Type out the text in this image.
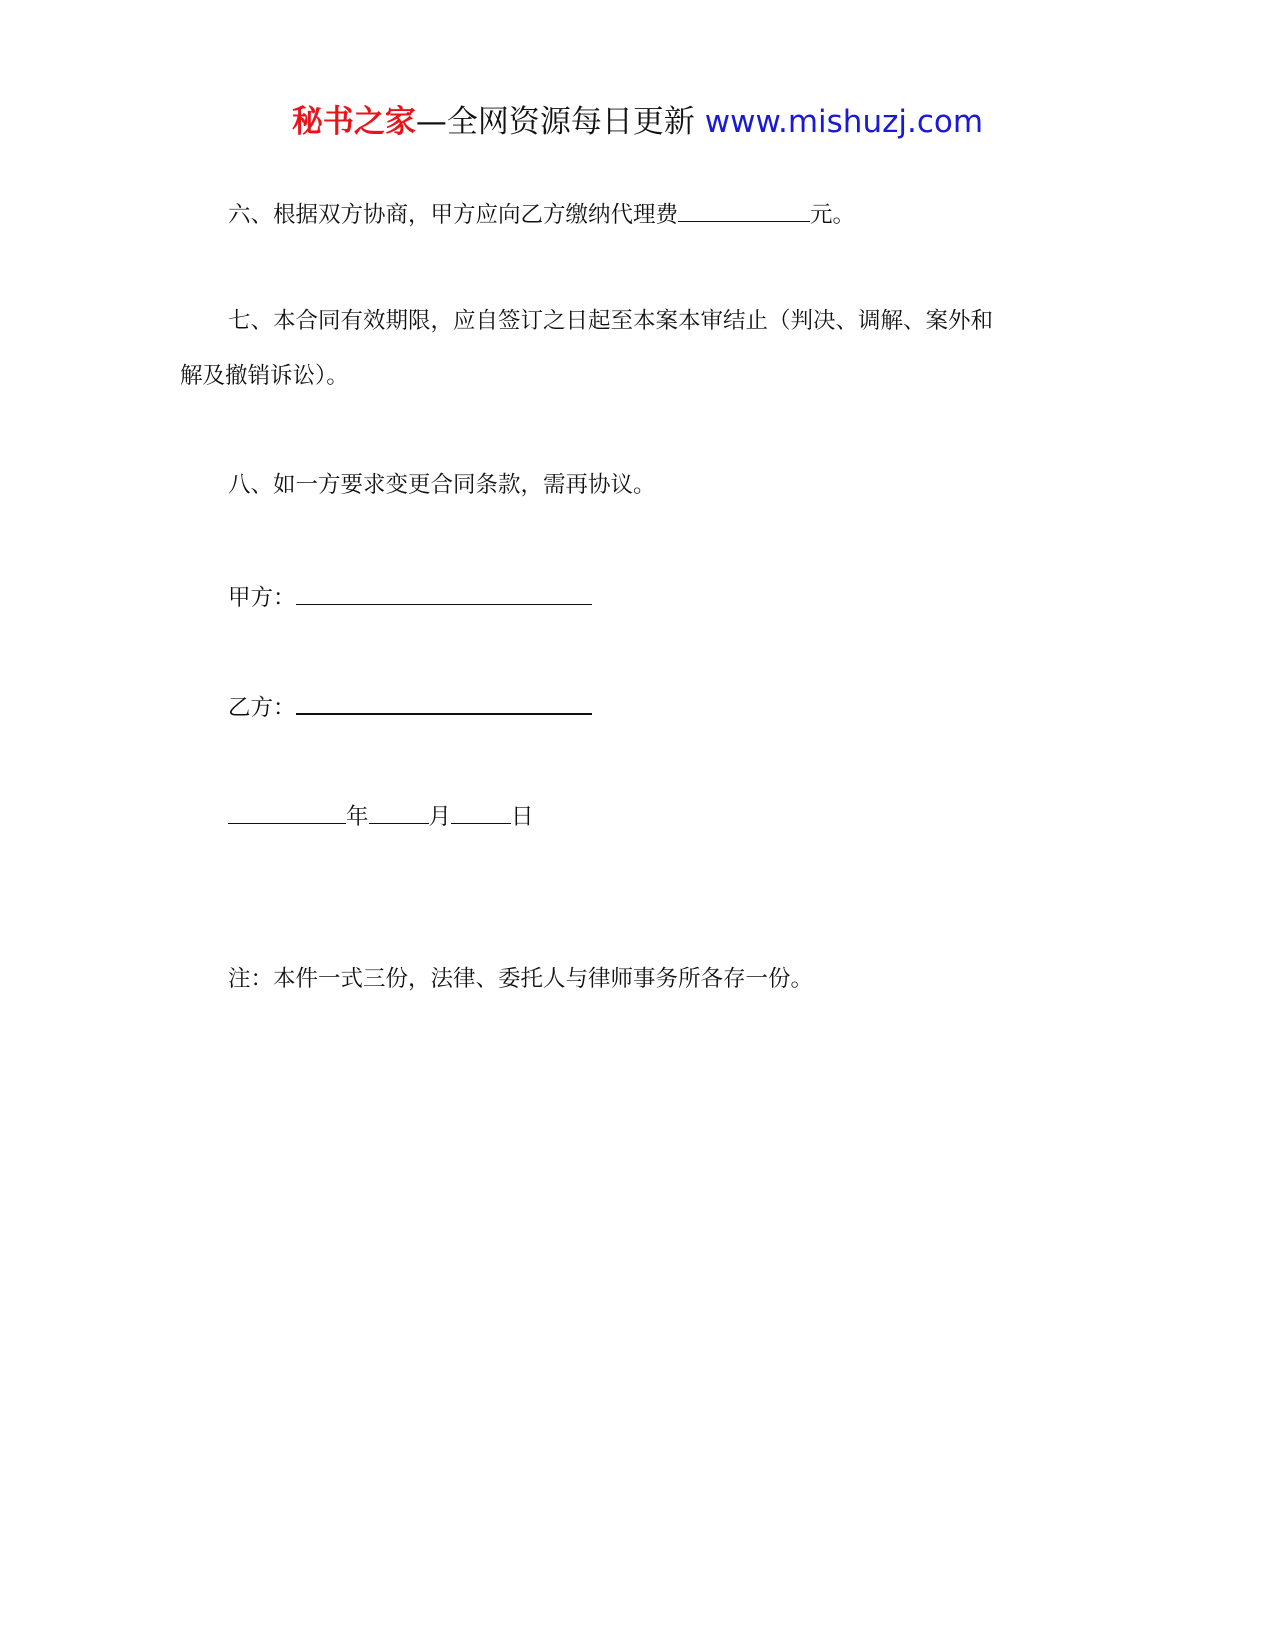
秘书之家—全网资源每日更新 www.mishuzj.com
六、根据双方协商，甲方应向乙方缴纳代理费	元。
七、本合同有效期限，应自签订之日起至本案本审结止（判决、调解、案外和
解及撤销诉讼）。
八、如一方要求变更合同条款，需再协议。
甲方：
乙方：
年	月	日
注：本件一式三份，法律、委托人与律师事务所各存一份。
